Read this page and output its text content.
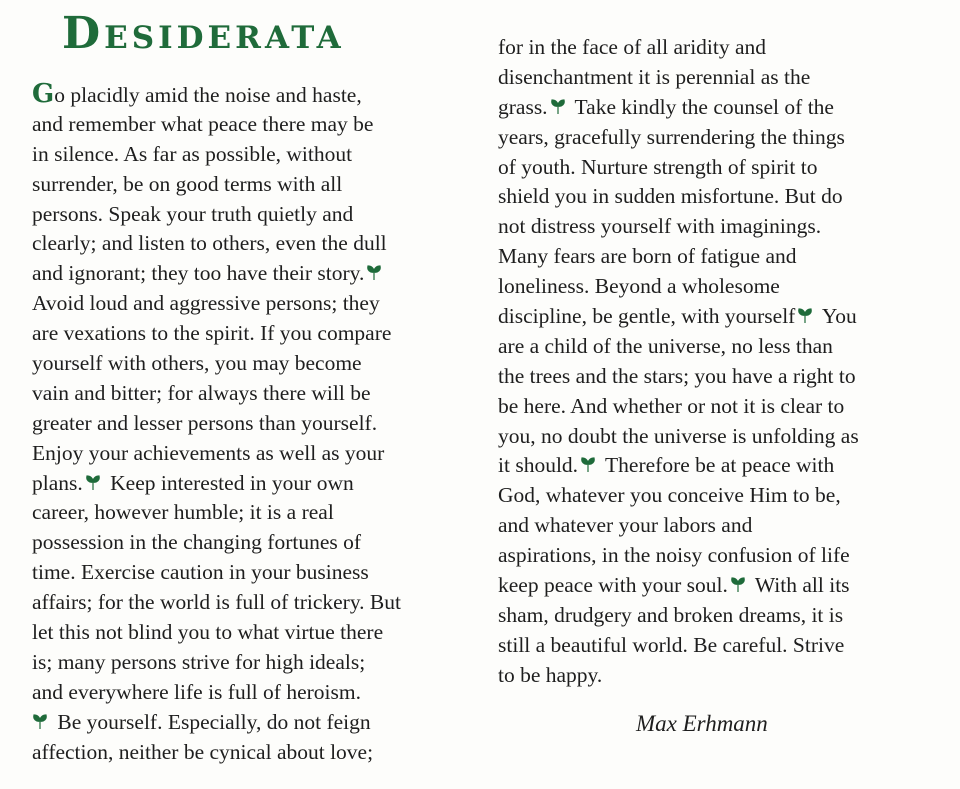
Desiderata
Go placidly amid the noise and haste,
and remember what peace there may be
in silence. As far as possible, without
surrender, be on good terms with all
persons. Speak your truth quietly and
clearly; and listen to others, even the dull
and ignorant; they too have their story.
Avoid loud and aggressive persons; they
are vexations to the spirit. If you compare
yourself with others, you may become
vain and bitter; for always there will be
greater and lesser persons than yourself.
Enjoy your achievements as well as your
plans. Keep interested in your own
career, however humble; it is a real
possession in the changing fortunes of
time. Exercise caution in your business
affairs; for the world is full of trickery. But
let this not blind you to what virtue there
is; many persons strive for high ideals;
and everywhere life is full of heroism.
Be yourself. Especially, do not feign
affection, neither be cynical about love;
for in the face of all aridity and
disenchantment it is perennial as the
grass. Take kindly the counsel of the
years, gracefully surrendering the things
of youth. Nurture strength of spirit to
shield you in sudden misfortune. But do
not distress yourself with imaginings.
Many fears are born of fatigue and
loneliness. Beyond a wholesome
discipline, be gentle, with yourself You
are a child of the universe, no less than
the trees and the stars; you have a right to
be here. And whether or not it is clear to
you, no doubt the universe is unfolding as
it should. Therefore be at peace with
God, whatever you conceive Him to be,
and whatever your labors and
aspirations, in the noisy confusion of life
keep peace with your soul. With all its
sham, drudgery and broken dreams, it is
still a beautiful world. Be careful. Strive
to be happy.
Max Erhmann
